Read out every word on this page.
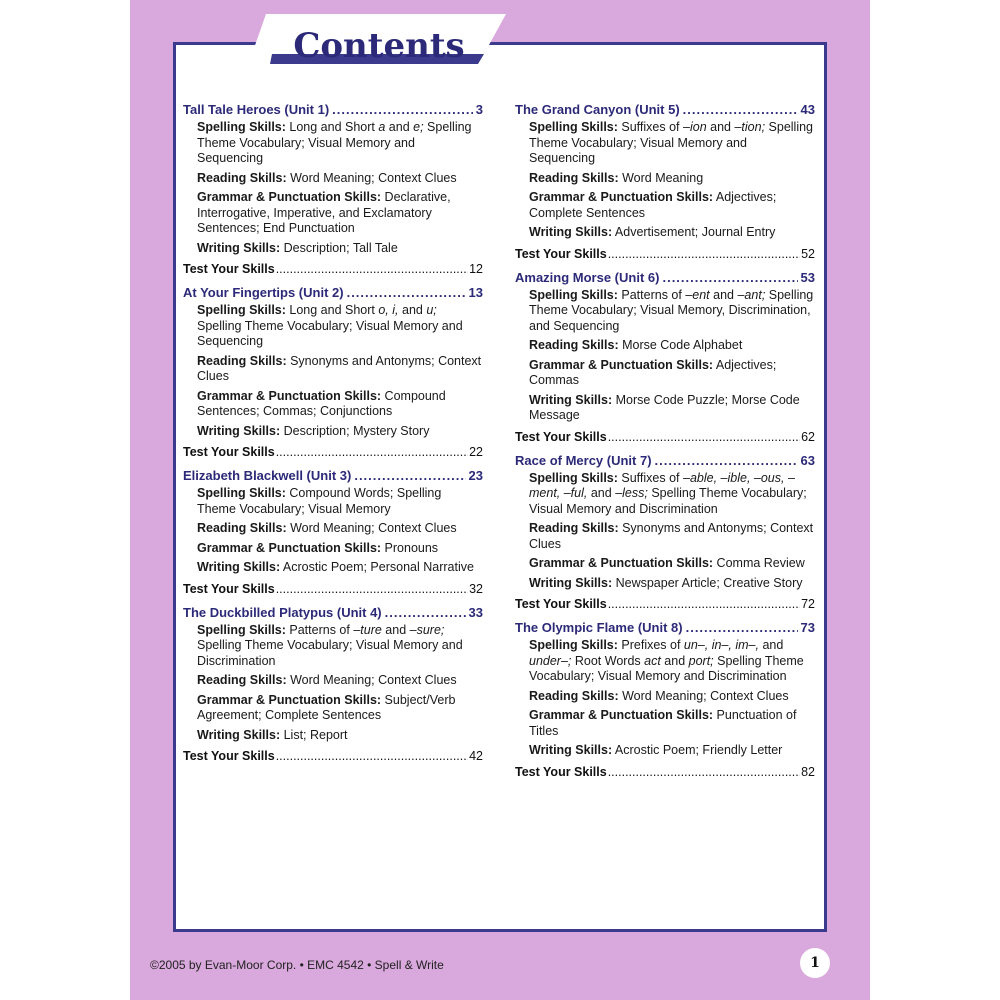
Contents
Tall Tale Heroes (Unit 1) .....	3
Spelling Skills: Long and Short a and e; Spelling Theme Vocabulary; Visual Memory and Sequencing
Reading Skills: Word Meaning; Context Clues
Grammar & Punctuation Skills: Declarative, Interrogative, Imperative, and Exclamatory Sentences; End Punctuation
Writing Skills: Description; Tall Tale
Test Your Skills .....	12
At Your Fingertips (Unit 2) .....	13
Spelling Skills: Long and Short o, i, and u; Spelling Theme Vocabulary; Visual Memory and Sequencing
Reading Skills: Synonyms and Antonyms; Context Clues
Grammar & Punctuation Skills: Compound Sentences; Commas; Conjunctions
Writing Skills: Description; Mystery Story
Test Your Skills .....	22
Elizabeth Blackwell (Unit 3) .....	23
Spelling Skills: Compound Words; Spelling Theme Vocabulary; Visual Memory
Reading Skills: Word Meaning; Context Clues
Grammar & Punctuation Skills: Pronouns
Writing Skills: Acrostic Poem; Personal Narrative
Test Your Skills .....	32
The Duckbilled Platypus (Unit 4) .....	33
Spelling Skills: Patterns of –ture and –sure; Spelling Theme Vocabulary; Visual Memory and Discrimination
Reading Skills: Word Meaning; Context Clues
Grammar & Punctuation Skills: Subject/Verb Agreement; Complete Sentences
Writing Skills: List; Report
Test Your Skills .....	42
The Grand Canyon (Unit 5) .....	43
Spelling Skills: Suffixes of –ion and –tion; Spelling Theme Vocabulary; Visual Memory and Sequencing
Reading Skills: Word Meaning
Grammar & Punctuation Skills: Adjectives; Complete Sentences
Writing Skills: Advertisement; Journal Entry
Test Your Skills .....	52
Amazing Morse (Unit 6) .....	53
Spelling Skills: Patterns of –ent and –ant; Spelling Theme Vocabulary; Visual Memory, Discrimination, and Sequencing
Reading Skills: Morse Code Alphabet
Grammar & Punctuation Skills: Adjectives; Commas
Writing Skills: Morse Code Puzzle; Morse Code Message
Test Your Skills .....	62
Race of Mercy (Unit 7) .....	63
Spelling Skills: Suffixes of –able, –ible, –ous, –ment, –ful, and –less; Spelling Theme Vocabulary; Visual Memory and Discrimination
Reading Skills: Synonyms and Antonyms; Context Clues
Grammar & Punctuation Skills: Comma Review
Writing Skills: Newspaper Article; Creative Story
Test Your Skills .....	72
The Olympic Flame (Unit 8) .....	73
Spelling Skills: Prefixes of un–, in–, im–, and under–; Root Words act and port; Spelling Theme Vocabulary; Visual Memory and Discrimination
Reading Skills: Word Meaning; Context Clues
Grammar & Punctuation Skills: Punctuation of Titles
Writing Skills: Acrostic Poem; Friendly Letter
Test Your Skills .....	82
©2005 by Evan-Moor Corp. • EMC 4542 • Spell & Write	1
